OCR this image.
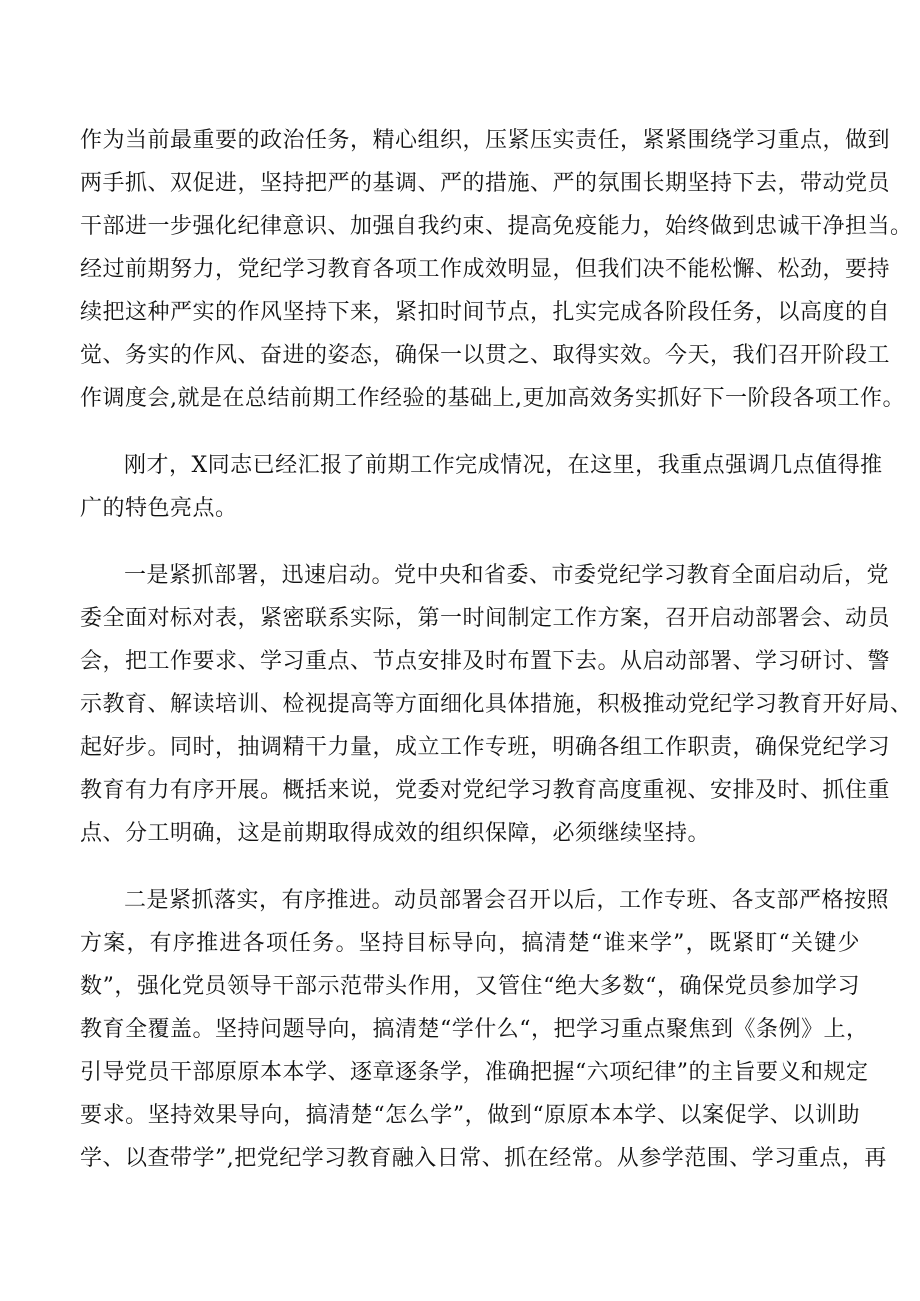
作为当前最重要的政治任务，精心组织，压紧压实责任，紧紧围绕学习重点，做到
两手抓、双促进，坚持把严的基调、严的措施、严的氛围长期坚持下去，带动党员
干部进一步强化纪律意识、加强自我约束、提高免疫能力，始终做到忠诚干净担当。
经过前期努力，党纪学习教育各项工作成效明显，但我们决不能松懈、松劲，要持
续把这种严实的作风坚持下来，紧扣时间节点，扎实完成各阶段任务，以高度的自
觉、务实的作风、奋进的姿态，确保一以贯之、取得实效。今天，我们召开阶段工
作调度会,就是在总结前期工作经验的基础上,更加高效务实抓好下一阶段各项工作。
刚才，X同志已经汇报了前期工作完成情况，在这里，我重点强调几点值得推
广的特色亮点。
一是紧抓部署，迅速启动。党中央和省委、市委党纪学习教育全面启动后，党
委全面对标对表，紧密联系实际，第一时间制定工作方案，召开启动部署会、动员
会，把工作要求、学习重点、节点安排及时布置下去。从启动部署、学习研讨、警
示教育、解读培训、检视提高等方面细化具体措施，积极推动党纪学习教育开好局、
起好步。同时，抽调精干力量，成立工作专班，明确各组工作职责，确保党纪学习
教育有力有序开展。概括来说，党委对党纪学习教育高度重视、安排及时、抓住重
点、分工明确，这是前期取得成效的组织保障，必须继续坚持。
二是紧抓落实，有序推进。动员部署会召开以后，工作专班、各支部严格按照
方案，有序推进各项任务。坚持目标导向，搞清楚“谁来学”，既紧盯“关键少
数”，强化党员领导干部示范带头作用，又管住“绝大多数“，确保党员参加学习
教育全覆盖。坚持问题导向，搞清楚“学什么“，把学习重点聚焦到《条例》上，
引导党员干部原原本本学、逐章逐条学，准确把握“六项纪律”的主旨要义和规定
要求。坚持效果导向，搞清楚“怎么学”，做到“原原本本学、以案促学、以训助
学、以查带学”,把党纪学习教育融入日常、抓在经常。从参学范围、学习重点，再
